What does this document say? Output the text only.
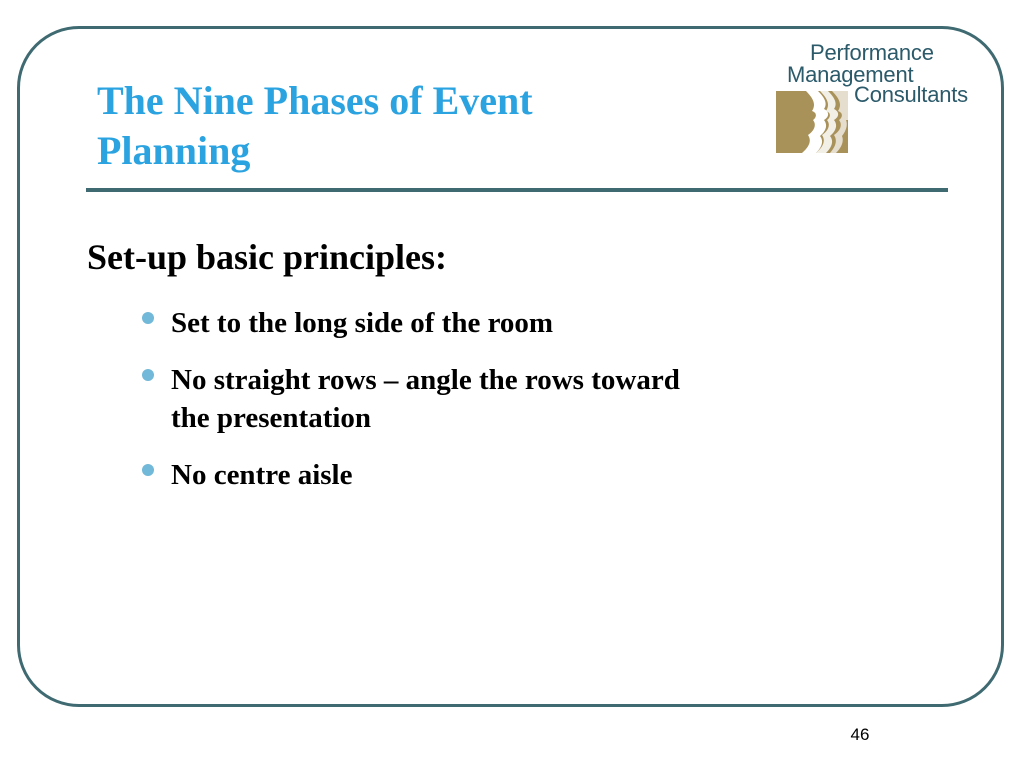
The Nine Phases of Event
Planning
Performance
Management
Consultants
Set-up basic principles:
Set to the long side of the room
No straight rows – angle the rows toward the presentation
No centre aisle
46
